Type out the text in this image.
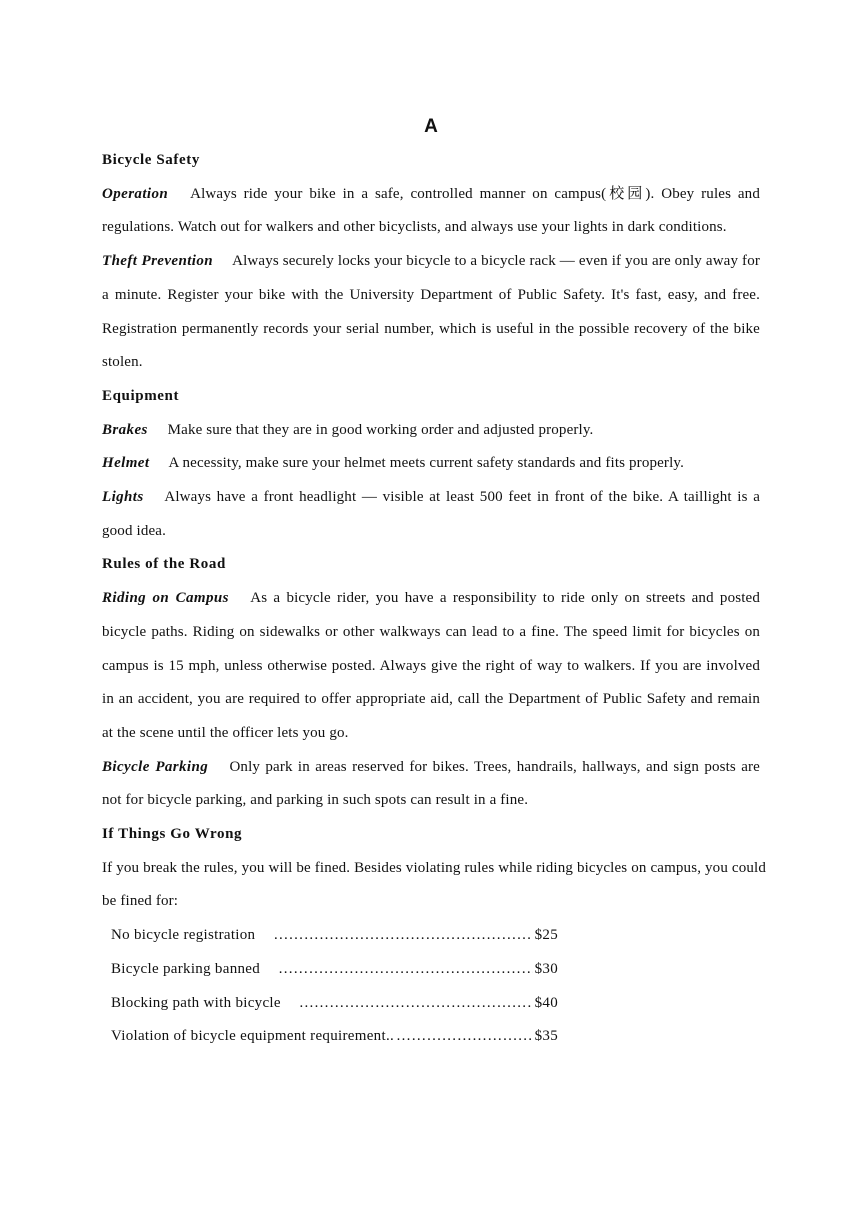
A
Bicycle Safety

Operation Always ride your bike in a safe, controlled manner on campus(校园). Obey rules and regulations. Watch out for walkers and other bicyclists, and always use your lights in dark conditions.

Theft Prevention Always securely locks your bicycle to a bicycle rack — even if you are only away for a minute. Register your bike with the University Department of Public Safety. It's fast, easy, and free. Registration permanently records your serial number, which is useful in the possible recovery of the bike stolen.

Equipment

Brakes Make sure that they are in good working order and adjusted properly.

Helmet A necessity, make sure your helmet meets current safety standards and fits properly.

Lights Always have a front headlight — visible at least 500 feet in front of the bike. A taillight is a good idea.

Rules of the Road

Riding on Campus As a bicycle rider, you have a responsibility to ride only on streets and posted bicycle paths. Riding on sidewalks or other walkways can lead to a fine. The speed limit for bicycles on campus is 15 mph, unless otherwise posted. Always give the right of way to walkers. If you are involved in an accident, you are required to offer appropriate aid, call the Department of Public Safety and remain at the scene until the officer lets you go.

Bicycle Parking Only park in areas reserved for bikes. Trees, handrails, hallways, and sign posts are not for bicycle parking, and parking in such spots can result in a fine.

If Things Go Wrong

If you break the rules, you will be fined. Besides violating rules while riding bicycles on campus, you could be fined for:

No bicycle registration ……………………………………………………………………………………	$25
Bicycle parking banned ……………………………………………………………………………………	$30
Blocking path with bicycle ……………………………………………………………………………………	$40
Violation of bicycle equipment requirement.. ……………………………………………………………………………………	$35
